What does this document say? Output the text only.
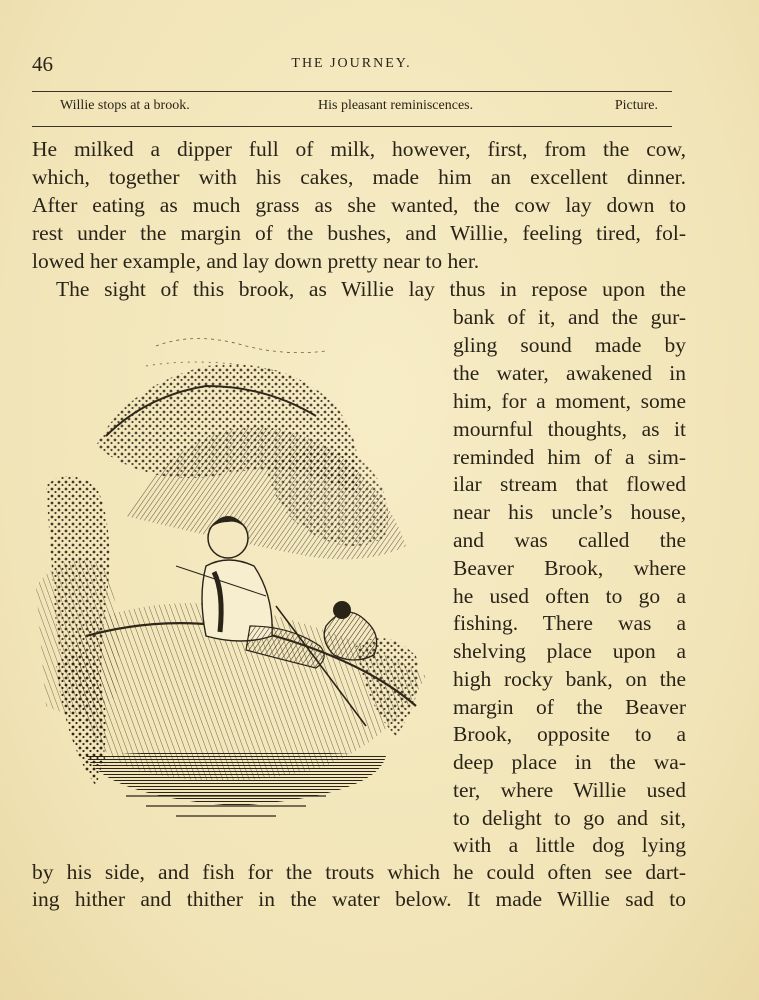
46	THE JOURNEY.
Willie stops at a brook.	His pleasant reminiscences.	Picture.
He milked a dipper full of milk, however, first, from the cow,
which, together with his cakes, made him an excellent dinner.
After eating as much grass as she wanted, the cow lay down to
rest under the margin of the bushes, and Willie, feeling tired, fol-
lowed her example, and lay down pretty near to her.
The sight of this brook, as Willie lay thus in repose upon the
bank of it, and the gur-
gling sound made by
the water, awakened in
him, for a moment, some
mournful thoughts, as it
reminded him of a sim-
ilar stream that flowed
near his uncle’s house,
and was called the
Beaver Brook, where
he used often to go a
fishing. There was a
shelving place upon a
high rocky bank, on the
margin of the Beaver
Brook, opposite to a
deep place in the wa-
ter, where Willie used
to delight to go and sit,
with a little dog lying
by his side, and fish for the trouts which he could often see dart-
ing hither and thither in the water below. It made Willie sad to
